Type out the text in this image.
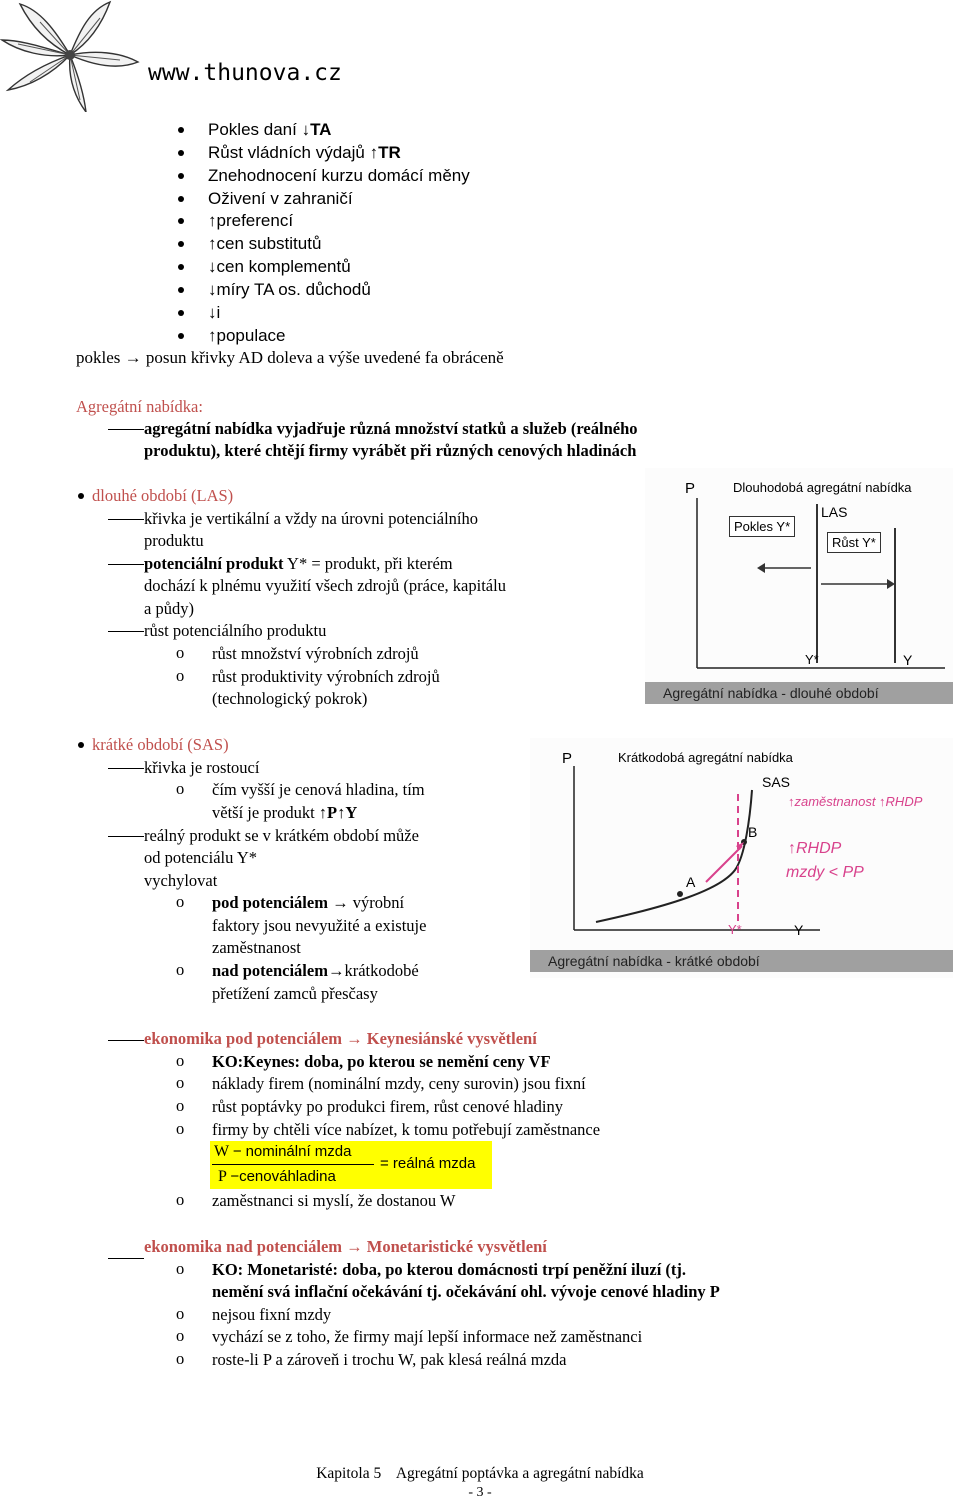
www.thunova.cz
Pokles daní ↓TA
Růst vládních výdajů ↑TR
Znehodnocení kurzu domácí měny
Oživení v zahraničí
↑preferencí
↑cen substitutů
↓cen komplementů
↓míry TA os. důchodů
↓i
↑populace
pokles → posun křivky AD doleva a výše uvedené fa obráceně
Agregátní nabídka:
agregátní nabídka vyjadřuje různá množství statků a služeb (reálného
produktu), které chtějí firmy vyrábět při různých cenových hladinách
dlouhé období (LAS)
křivka je vertikální a vždy na úrovni potenciálního
produktu
potenciální produkt Y* = produkt, při kterém
dochází k plnému využití všech zdrojů (práce, kapitálu
a půdy)
růst potenciálního produktu
o růst množství výrobních zdrojů
o růst produktivity výrobních zdrojů
(technologický pokrok)
P	Dlouhodobá agregátní nabídka
LAS
Pokles Y*
Růst Y*
Y*	Y
Agregátní nabídka - dlouhé období
krátké období (SAS)
křivka je rostoucí
o čím vyšší je cenová hladina, tím
větší je produkt ↑P↑Y
reálný produkt se v krátkém období může
od potenciálu Y*
vychylovat
o pod potenciálem → výrobní
faktory jsou nevyužité a existuje
zaměstnanost
o nad potenciálem→krátkodobé
přetížení zamců přesčasy
P	Krátkodobá agregátní nabídka
SAS
B
A
Y*	Y
↑zaměstnanost ↑RHDP
↑RHDP
mzdy < PP
Agregátní nabídka - krátké období
ekonomika pod potenciálem → Keynesiánské vysvětlení
o KO:Keynes: doba, po kterou se nemění ceny VF
o náklady firem (nominální mzdy, ceny surovin) jsou fixní
o růst poptávky po produkci firem, růst cenové hladiny
o firmy by chtěli více nabízet, k tomu potřebují zaměstnance
W − nominální mzda
P −cenováhladina
= reálná mzda
o zaměstnanci si myslí, že dostanou W
ekonomika nad potenciálem → Monetaristické vysvětlení
o KO: Monetaristé: doba, po kterou domácnosti trpí peněžní iluzí (tj.
nemění svá inflační očekávání tj. očekávání ohl. vývoje cenové hladiny P
o nejsou fixní mzdy
o vychází se z toho, že firmy mají lepší informace než zaměstnanci
o roste-li P a zároveň i trochu W, pak klesá reálná mzda
Kapitola 5    Agregátní poptávka a agregátní nabídka
- 3 -
